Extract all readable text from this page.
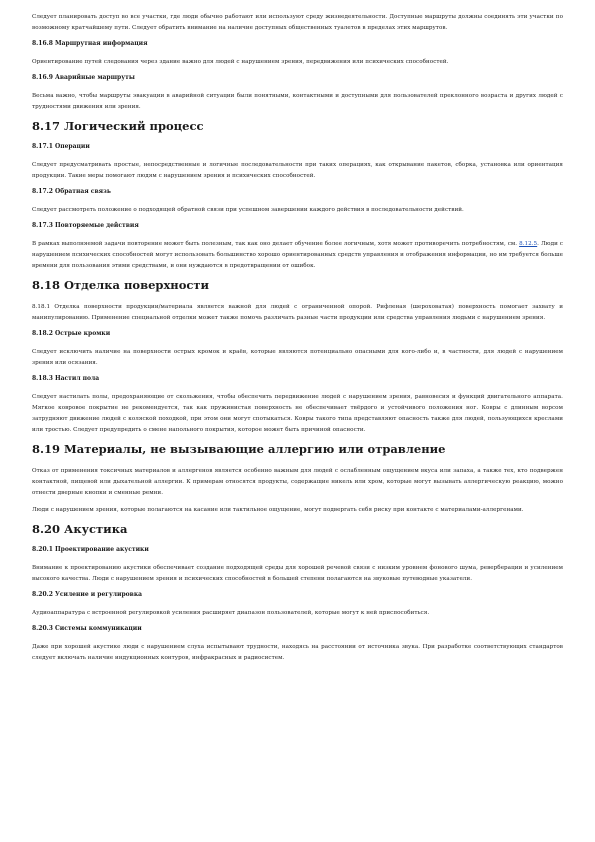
Следует планировать доступ во все участки, где люди обычно работают или используют среду жизнедеятельности. Доступные маршруты должны соединять эти участки по возможному кратчайшему пути. Следует обратить внимание на наличие доступных общественных туалетов в пределах этих маршрутов.

8.16.8 Маршрутная информация

Ориентирование путей следования через здание важно для людей с нарушением зрения, передвижения или психических способностей.

8.16.9 Аварийные маршруты

Весьма важно, чтобы маршруты эвакуации в аварийной ситуации были понятными, контактными и доступными для пользователей преклонного возраста и других людей с трудностями движения или зрения.

8.17 Логический процесс
8.17.1 Операции

Следует предусматривать простые, непосредственные и логичные последовательности при таких операциях, как открывание пакетов, сборка, установка или ориентация продукции. Такие меры помогают людям с нарушением зрения и психических способностей.

8.17.2 Обратная связь

Следует рассмотреть положение о подходящей обратной связи при успешном завершении каждого действия в последовательности действий.

8.17.3 Повторяемые действия

В рамках выполняемой задачи повторение может быть полезным, так как оно делает обучение более логичным, хотя может противоречить потребностям, см. 8.12.5. Люди с нарушением психических способностей могут использовать большинство хорошо ориентированных средств управления и отображения информации, но им требуется больше времени для пользования этими средствами, и они нуждаются в предотвращении от ошибок.

8.18 Отделка поверхности

8.18.1 Отделка поверхности продукции/материала является важной для людей с ограниченной опорой. Рифленая (шероховатая) поверхность помогает захвату и манипулированию. Применение специальной отделки может также помочь различать разные части продукции или средства управления людьми с нарушением зрения.

8.18.2 Острые кромки

Следует исключить наличие на поверхности острых кромок и краёв, которые являются потенциально опасными для кого-либо и, в частности, для людей с нарушением зрения или осязания.

8.18.3 Настил пола

Следует настилать полы, предохраняющие от скольжения, чтобы обеспечить передвижение людей с нарушением зрения, равновесия и функций двигательного аппарата. Мягкое ковровое покрытие не рекомендуется, так как пружинистая поверхность не обеспечивает твёрдого и устойчивого положения ног. Ковры с длинным ворсом затрудняют движение людей с коляской походкой, при этом они могут спотыкаться. Ковры такого типа представляют опасность также для людей, пользующихся креслами или тростью. Следует предупредить о смене напольного покрытия, которое может быть причиной опасности.

8.19 Материалы, не вызывающие аллергию или отравление

Отказ от применения токсичных материалов и аллергенов является особенно важным для людей с ослабленным ощущением вкуса или запаха, а также тех, кто подвержен контактной, пищевой или дыхательной аллергии. К примерам относятся продукты, содержащие никель или хром, которые могут вызывать аллергическую реакцию, можно отнести дверные кнопки и сменные ремни.

Люди с нарушением зрения, которые полагаются на касание или тактильное ощущение, могут подвергать себя риску при контакте с материалами-аллергенами.

8.20 Акустика
8.20.1 Проектирование акустики

Внимание к проектированию акустики обеспечивает создание подходящей среды для хорошей речевой связи с низким уровнем фонового шума, реверберации и усилением высокого качества. Люди с нарушением зрения и психических способностей в большей степени полагаются на звуковые путеводные указатели.

8.20.2 Усиление и регулировка

Аудиоаппаратура с встроенной регулировкой усиления расширяет диапазон пользователей, которые могут к ней приспособиться.

8.20.3 Системы коммуникации

Даже при хорошей акустике люди с нарушением слуха испытывают трудности, находясь на расстоянии от источника звука. При разработке соответствующих стандартов следует включать наличие индукционных контуров, инфракрасных и радиосистем.
